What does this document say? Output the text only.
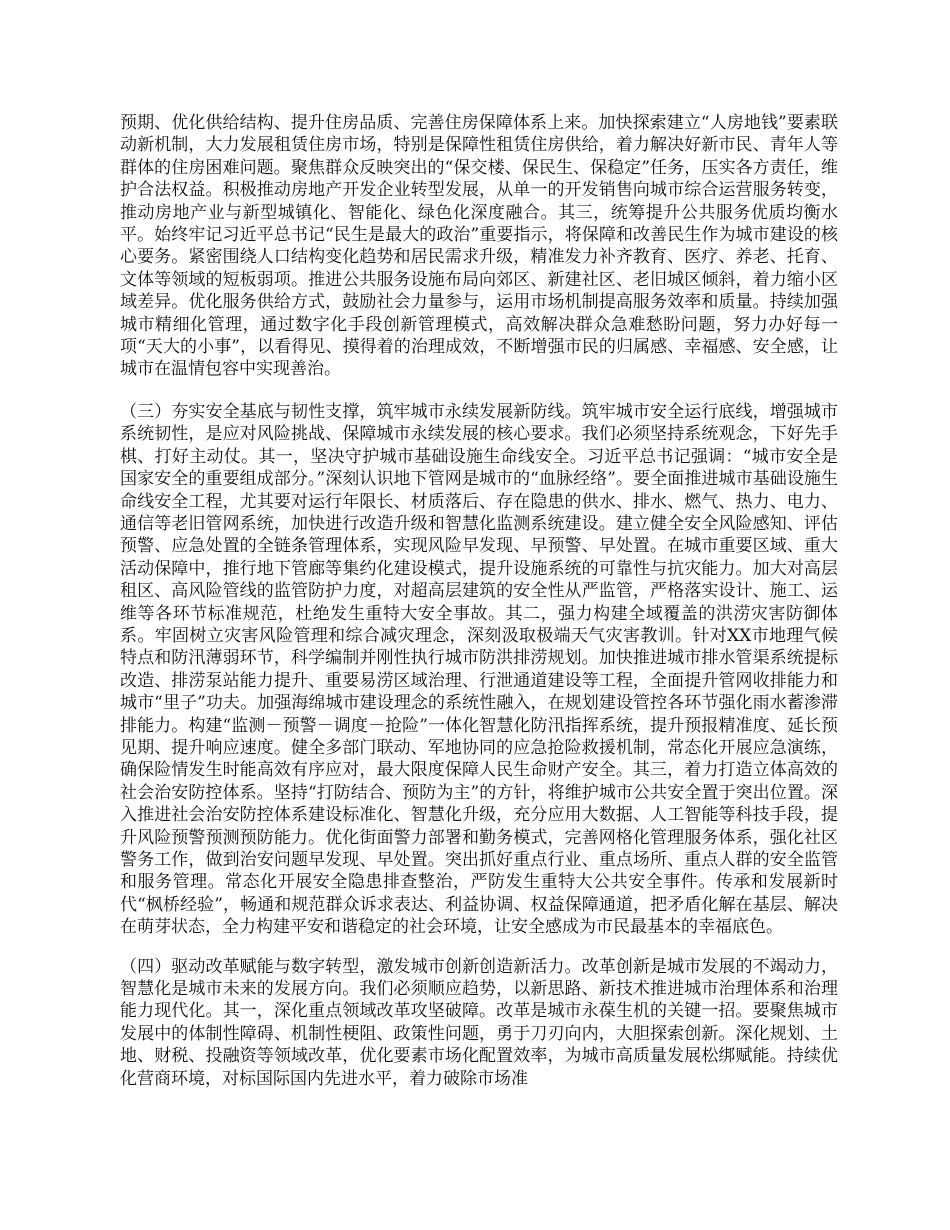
预期、优化供给结构、提升住房品质、完善住房保障体系上来。加快探索建立“人房地钱”要素联动新机制，大力发展租赁住房市场，特别是保障性租赁住房供给，着力解决好新市民、青年人等群体的住房困难问题。聚焦群众反映突出的“保交楼、保民生、保稳定”任务，压实各方责任，维护合法权益。积极推动房地产开发企业转型发展，从单一的开发销售向城市综合运营服务转变，推动房地产业与新型城镇化、智能化、绿色化深度融合。其三，统筹提升公共服务优质均衡水平。始终牢记习近平总书记“民生是最大的政治”重要指示，将保障和改善民生作为城市建设的核心要务。紧密围绕人口结构变化趋势和居民需求升级，精准发力补齐教育、医疗、养老、托育、文体等领域的短板弱项。推进公共服务设施布局向郊区、新建社区、老旧城区倾斜，着力缩小区域差异。优化服务供给方式，鼓励社会力量参与，运用市场机制提高服务效率和质量。持续加强城市精细化管理，通过数字化手段创新管理模式，高效解决群众急难愁盼问题，努力办好每一项“天大的小事”，以看得见、摸得着的治理成效，不断增强市民的归属感、幸福感、安全感，让城市在温情包容中实现善治。

（三）夯实安全基底与韧性支撑，筑牢城市永续发展新防线。筑牢城市安全运行底线，增强城市系统韧性，是应对风险挑战、保障城市永续发展的核心要求。我们必须坚持系统观念，下好先手棋、打好主动仗。其一，坚决守护城市基础设施生命线安全。习近平总书记强调：“城市安全是国家安全的重要组成部分。”深刻认识地下管网是城市的“血脉经络”。要全面推进城市基础设施生命线安全工程，尤其要对运行年限长、材质落后、存在隐患的供水、排水、燃气、热力、电力、通信等老旧管网系统，加快进行改造升级和智慧化监测系统建设。建立健全安全风险感知、评估预警、应急处置的全链条管理体系，实现风险早发现、早预警、早处置。在城市重要区域、重大活动保障中，推行地下管廊等集约化建设模式，提升设施系统的可靠性与抗灾能力。加大对高层租区、高风险管线的监管防护力度，对超高层建筑的安全性从严监管，严格落实设计、施工、运维等各环节标准规范，杜绝发生重特大安全事故。其二，强力构建全域覆盖的洪涝灾害防御体系。牢固树立灾害风险管理和综合减灾理念，深刻汲取极端天气灾害教训。针对XX市地理气候特点和防汛薄弱环节，科学编制并刚性执行城市防洪排涝规划。加快推进城市排水管渠系统提标改造、排涝泵站能力提升、重要易涝区域治理、行泄通道建设等工程，全面提升管网收排能力和城市“里子”功夫。加强海绵城市建设理念的系统性融入，在规划建设管控各环节强化雨水蓄渗滞排能力。构建“监测－预警－调度－抢险”一体化智慧化防汛指挥系统，提升预报精准度、延长预见期、提升响应速度。健全多部门联动、军地协同的应急抢险救援机制，常态化开展应急演练，确保险情发生时能高效有序应对，最大限度保障人民生命财产安全。其三，着力打造立体高效的社会治安防控体系。坚持“打防结合、预防为主”的方针，将维护城市公共安全置于突出位置。深入推进社会治安防控体系建设标准化、智慧化升级，充分应用大数据、人工智能等科技手段，提升风险预警预测预防能力。优化街面警力部署和勤务模式，完善网格化管理服务体系，强化社区警务工作，做到治安问题早发现、早处置。突出抓好重点行业、重点场所、重点人群的安全监管和服务管理。常态化开展安全隐患排查整治，严防发生重特大公共安全事件。传承和发展新时代“枫桥经验”，畅通和规范群众诉求表达、利益协调、权益保障通道，把矛盾化解在基层、解决在萌芽状态，全力构建平安和谐稳定的社会环境，让安全感成为市民最基本的幸福底色。

（四）驱动改革赋能与数字转型，激发城市创新创造新活力。改革创新是城市发展的不竭动力，智慧化是城市未来的发展方向。我们必须顺应趋势，以新思路、新技术推进城市治理体系和治理能力现代化。其一，深化重点领域改革攻坚破障。改革是城市永葆生机的关键一招。要聚焦城市发展中的体制性障碍、机制性梗阻、政策性问题，勇于刀刃向内，大胆探索创新。深化规划、土地、财税、投融资等领域改革，优化要素市场化配置效率，为城市高质量发展松绑赋能。持续优化营商环境，对标国际国内先进水平，着力破除市场准
